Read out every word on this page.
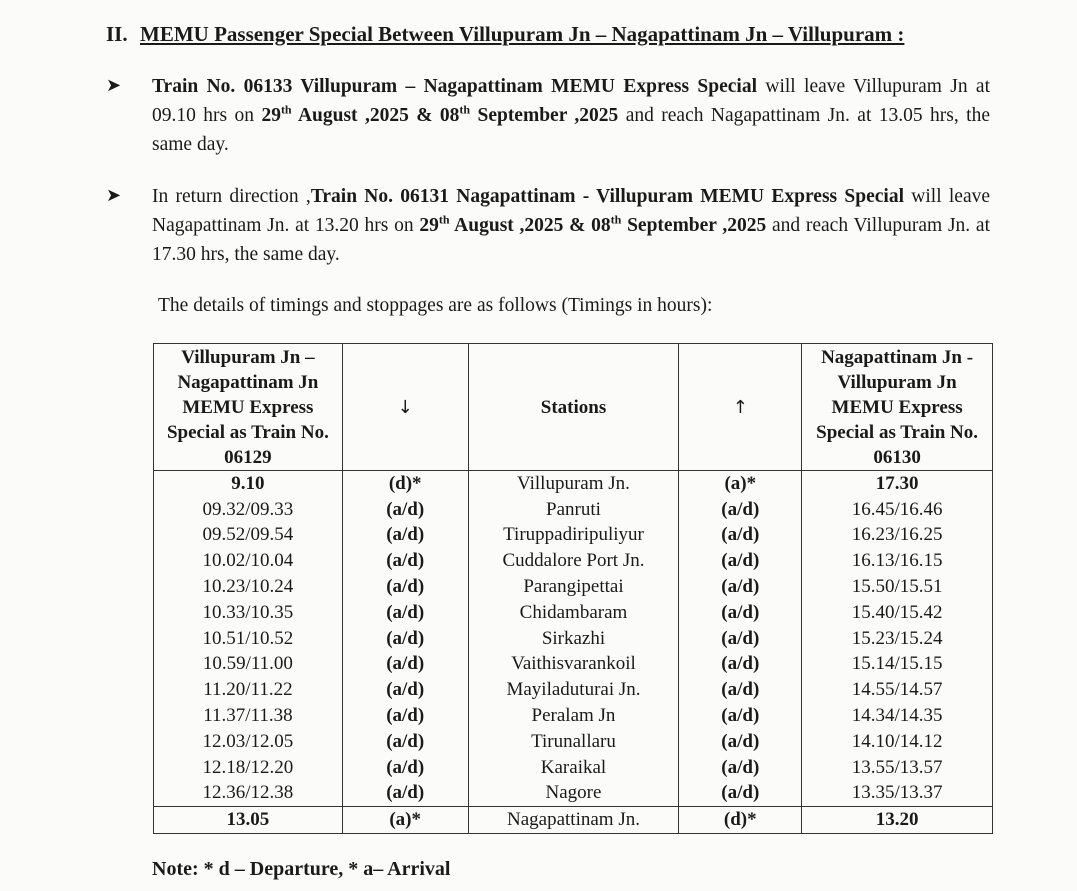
II. MEMU Passenger Special Between Villupuram Jn – Nagapattinam Jn – Villupuram :
➤ Train No. 06133 Villupuram – Nagapattinam MEMU Express Special will leave Villupuram Jn at 09.10 hrs on 29th August ,2025 & 08th September ,2025 and reach Nagapattinam Jn. at 13.05 hrs, the same day.
➤ In return direction ,Train No. 06131 Nagapattinam - Villupuram MEMU Express Special will leave Nagapattinam Jn. at 13.20 hrs on 29th August ,2025 & 08th September ,2025 and reach Villupuram Jn. at 17.30 hrs, the same day.
The details of timings and stoppages are as follows (Timings in hours):
Villupuram Jn – Nagapattinam Jn MEMU Express Special as Train No. 06129	↓	Stations	↑	Nagapattinam Jn - Villupuram Jn MEMU Express Special as Train No. 06130
9.10	(d)*	Villupuram Jn.	(a)*	17.30
09.32/09.33	(a/d)	Panruti	(a/d)	16.45/16.46
09.52/09.54	(a/d)	Tiruppadiripuliyur	(a/d)	16.23/16.25
10.02/10.04	(a/d)	Cuddalore Port Jn.	(a/d)	16.13/16.15
10.23/10.24	(a/d)	Parangipettai	(a/d)	15.50/15.51
10.33/10.35	(a/d)	Chidambaram	(a/d)	15.40/15.42
10.51/10.52	(a/d)	Sirkazhi	(a/d)	15.23/15.24
10.59/11.00	(a/d)	Vaithisvarankoil	(a/d)	15.14/15.15
11.20/11.22	(a/d)	Mayiladuturai Jn.	(a/d)	14.55/14.57
11.37/11.38	(a/d)	Peralam Jn	(a/d)	14.34/14.35
12.03/12.05	(a/d)	Tirunallaru	(a/d)	14.10/14.12
12.18/12.20	(a/d)	Karaikal	(a/d)	13.55/13.57
12.36/12.38	(a/d)	Nagore	(a/d)	13.35/13.37
13.05	(a)*	Nagapattinam Jn.	(d)*	13.20
Note: * d – Departure, * a– Arrival
